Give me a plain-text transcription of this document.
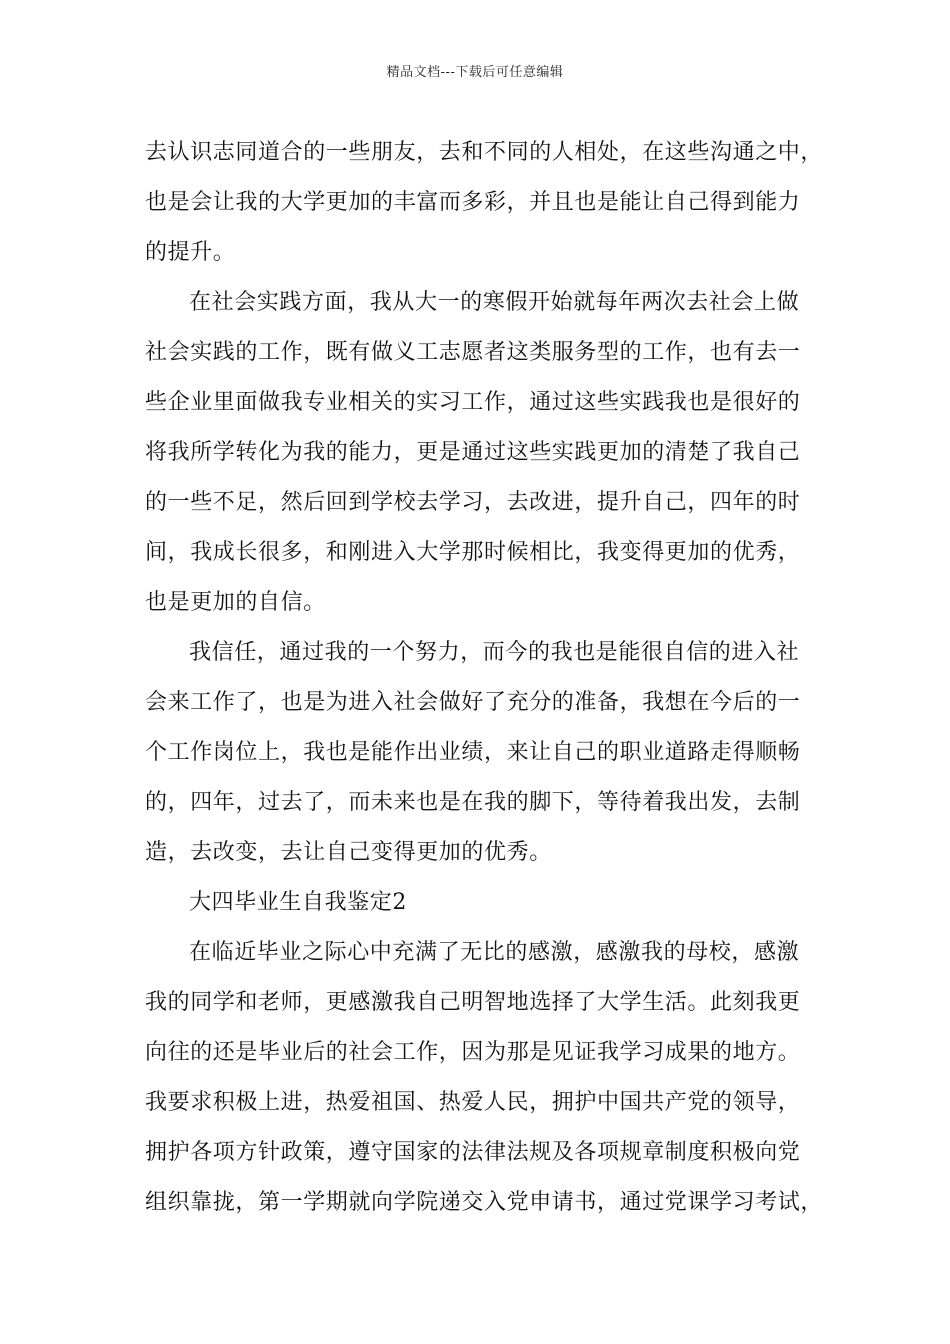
精品文档---下载后可任意编辑
去认识志同道合的一些朋友，去和不同的人相处，在这些沟通之中，
也是会让我的大学更加的丰富而多彩，并且也是能让自己得到能力
的提升。
在社会实践方面，我从大一的寒假开始就每年两次去社会上做
社会实践的工作，既有做义工志愿者这类服务型的工作，也有去一
些企业里面做我专业相关的实习工作，通过这些实践我也是很好的
将我所学转化为我的能力，更是通过这些实践更加的清楚了我自己
的一些不足，然后回到学校去学习，去改进，提升自己，四年的时
间，我成长很多，和刚进入大学那时候相比，我变得更加的优秀，
也是更加的自信。
我信任，通过我的一个努力，而今的我也是能很自信的进入社
会来工作了，也是为进入社会做好了充分的准备，我想在今后的一
个工作岗位上，我也是能作出业绩，来让自己的职业道路走得顺畅
的，四年，过去了，而未来也是在我的脚下，等待着我出发，去制
造，去改变，去让自己变得更加的优秀。
大四毕业生自我鉴定2
在临近毕业之际心中充满了无比的感激，感激我的母校，感激
我的同学和老师，更感激我自己明智地选择了大学生活。此刻我更
向往的还是毕业后的社会工作，因为那是见证我学习成果的地方。
我要求积极上进，热爱祖国、热爱人民，拥护中国共产党的领导，
拥护各项方针政策，遵守国家的法律法规及各项规章制度积极向党
组织靠拢，第一学期就向学院递交入党申请书，通过党课学习考试，
